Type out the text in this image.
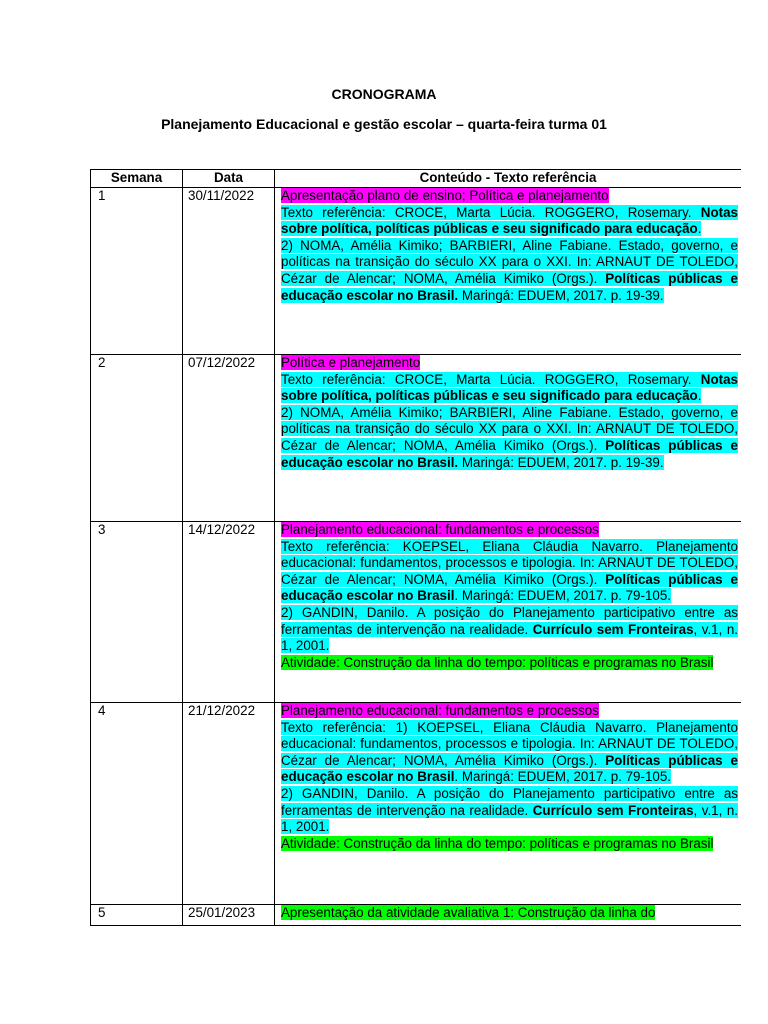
CRONOGRAMA
Planejamento Educacional e gestão escolar – quarta-feira turma 01
Semana	Data	Conteúdo - Texto referência
1	30/11/2022	Apresentação plano de ensino; Política e planejamento
Texto referência: CROCE, Marta Lúcia. ROGGERO, Rosemary. Notas sobre política, políticas públicas e seu significado para educação.
2) NOMA, Amélia Kimiko; BARBIERI, Aline Fabiane. Estado, governo, e políticas na transição do século XX para o XXI. In: ARNAUT DE TOLEDO, Cézar de Alencar; NOMA, Amélia Kimiko (Orgs.). Políticas públicas e educação escolar no Brasil. Maringá: EDUEM, 2017. p. 19-39.

2	07/12/2022	Política e planejamento
Texto referência: CROCE, Marta Lúcia. ROGGERO, Rosemary. Notas sobre política, políticas públicas e seu significado para educação.
2) NOMA, Amélia Kimiko; BARBIERI, Aline Fabiane. Estado, governo, e políticas na transição do século XX para o XXI. In: ARNAUT DE TOLEDO, Cézar de Alencar; NOMA, Amélia Kimiko (Orgs.). Políticas públicas e educação escolar no Brasil. Maringá: EDUEM, 2017. p. 19-39.

3	14/12/2022	Planejamento educacional: fundamentos e processos
Texto referência: KOEPSEL, Eliana Cláudia Navarro. Planejamento educacional: fundamentos, processos e tipologia. In: ARNAUT DE TOLEDO, Cézar de Alencar; NOMA, Amélia Kimiko (Orgs.). Políticas públicas e educação escolar no Brasil. Maringá: EDUEM, 2017. p. 79-105.
2) GANDIN, Danilo. A posição do Planejamento participativo entre as ferramentas de intervenção na realidade. Currículo sem Fronteiras, v.1, n. 1, 2001.
Atividade: Construção da linha do tempo: políticas e programas no Brasil

4	21/12/2022	Planejamento educacional: fundamentos e processos
Texto referência: 1) KOEPSEL, Eliana Cláudia Navarro. Planejamento educacional: fundamentos, processos e tipologia. In: ARNAUT DE TOLEDO, Cézar de Alencar; NOMA, Amélia Kimiko (Orgs.). Políticas públicas e educação escolar no Brasil. Maringá: EDUEM, 2017. p. 79-105.
2) GANDIN, Danilo. A posição do Planejamento participativo entre as ferramentas de intervenção na realidade. Currículo sem Fronteiras, v.1, n. 1, 2001.
Atividade: Construção da linha do tempo: políticas e programas no Brasil

5	25/01/2023	Apresentação da atividade avaliativa 1: Construção da linha do
